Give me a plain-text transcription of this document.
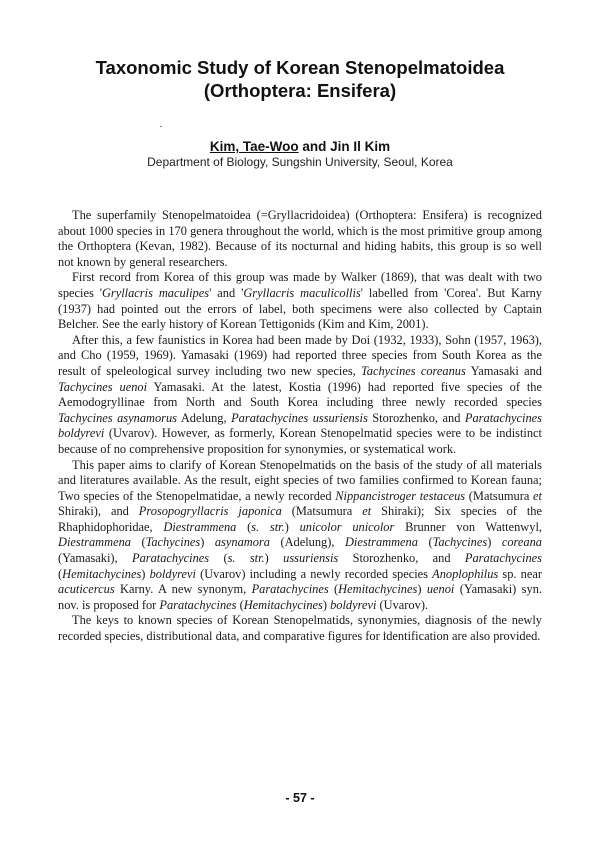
Taxonomic Study of Korean Stenopelmatoidea
(Orthoptera: Ensifera)
Kim, Tae-Woo and Jin Il Kim
Department of Biology, Sungshin University, Seoul, Korea

The superfamily Stenopelmatoidea (=Gryllacridoidea) (Orthoptera: Ensifera) is recognized about 1000 species in 170 genera throughout the world, which is the most primitive group among the Orthoptera (Kevan, 1982). Because of its nocturnal and hiding habits, this group is so well not known by general researchers.

First record from Korea of this group was made by Walker (1869), that was dealt with two species 'Gryllacris maculipes' and 'Gryllacris maculicollis' labelled from 'Corea'. But Karny (1937) had pointed out the errors of label, both specimens were also collected by Captain Belcher. See the early history of Korean Tettigonids (Kim and Kim, 2001).

After this, a few faunistics in Korea had been made by Doi (1932, 1933), Sohn (1957, 1963), and Cho (1959, 1969). Yamasaki (1969) had reported three species from South Korea as the result of speleological survey including two new species, Tachycines coreanus Yamasaki and Tachycines uenoi Yamasaki. At the latest, Kostia (1996) had reported five species of the Aemodogryllinae from North and South Korea including three newly recorded species Tachycines asynamorus Adelung, Paratachycines ussuriensis Storozhenko, and Paratachycines boldyrevi (Uvarov). However, as formerly, Korean Stenopelmatid species were to be indistinct because of no comprehensive proposition for synonymies, or systematical work.

This paper aims to clarify of Korean Stenopelmatids on the basis of the study of all materials and literatures available. As the result, eight species of two families confirmed to Korean fauna; Two species of the Stenopelmatidae, a newly recorded Nippancistroger testaceus (Matsumura et Shiraki), and Prosopogryllacris japonica (Matsumura et Shiraki); Six species of the Rhaphidophoridae, Diestrammena (s. str.) unicolor unicolor Brunner von Wattenwyl, Diestrammena (Tachycines) asynamora (Adelung), Diestrammena (Tachycines) coreana (Yamasaki), Paratachycines (s. str.) ussuriensis Storozhenko, and Paratachycines (Hemitachycines) boldyrevi (Uvarov) including a newly recorded species Anoplophilus sp. near acuticercus Karny. A new synonym, Paratachycines (Hemitachycines) uenoi (Yamasaki) syn. nov. is proposed for Paratachycines (Hemitachycines) boldyrevi (Uvarov).

The keys to known species of Korean Stenopelmatids, synonymies, diagnosis of the newly recorded species, distributional data, and comparative figures for identification are also provided.

- 57 -
